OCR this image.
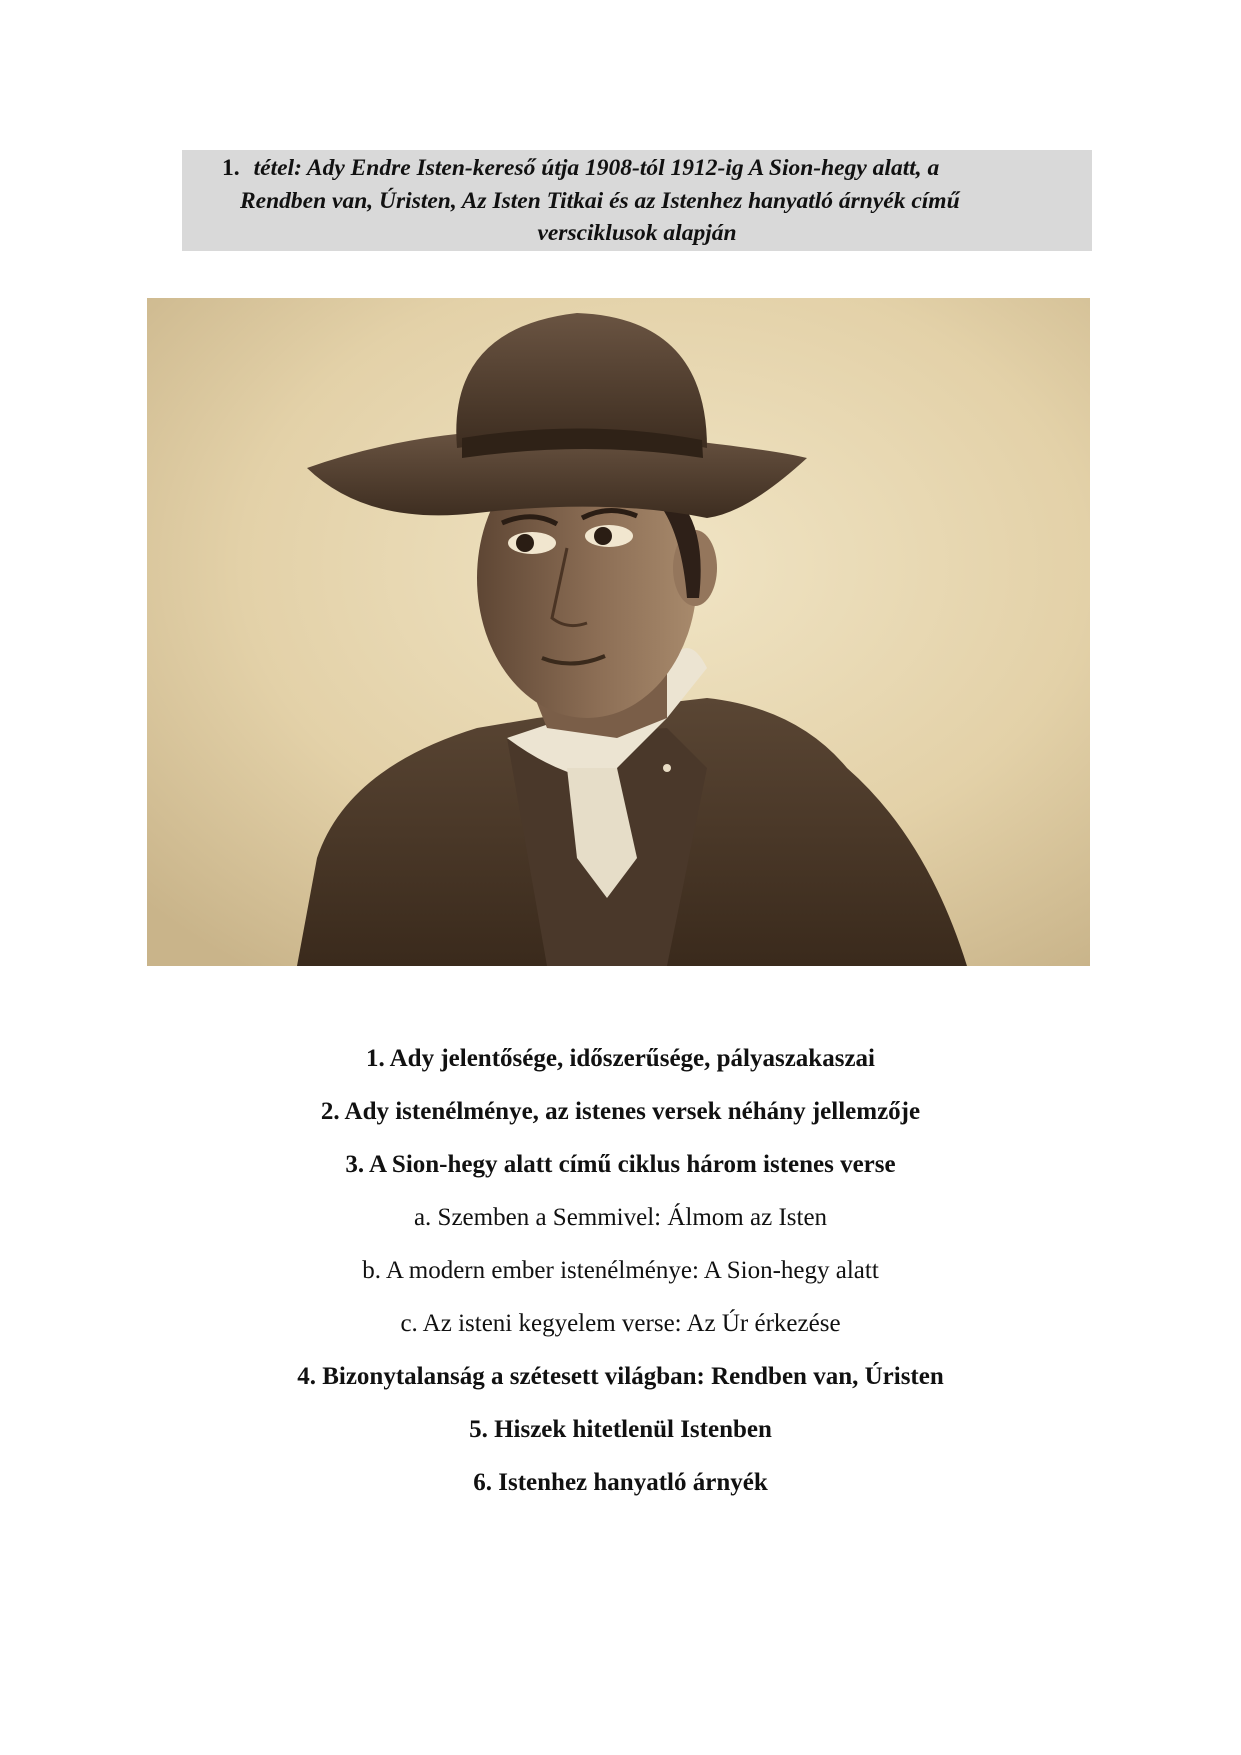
1. tétel: Ady Endre Isten-kereső útja 1908-tól 1912-ig A Sion-hegy alatt, a
Rendben van, Úristen, Az Isten Titkai és az Istenhez hanyatló árnyék című
versciklusok alapján
1. Ady jelentősége, időszerűsége, pályaszakaszai
2. Ady istenélménye, az istenes versek néhány jellemzője
3. A Sion-hegy alatt című ciklus három istenes verse
a. Szemben a Semmivel: Álmom az Isten
b. A modern ember istenélménye: A Sion-hegy alatt
c. Az isteni kegyelem verse: Az Úr érkezése
4. Bizonytalanság a szétesett világban: Rendben van, Úristen
5. Hiszek hitetlenül Istenben
6. Istenhez hanyatló árnyék
